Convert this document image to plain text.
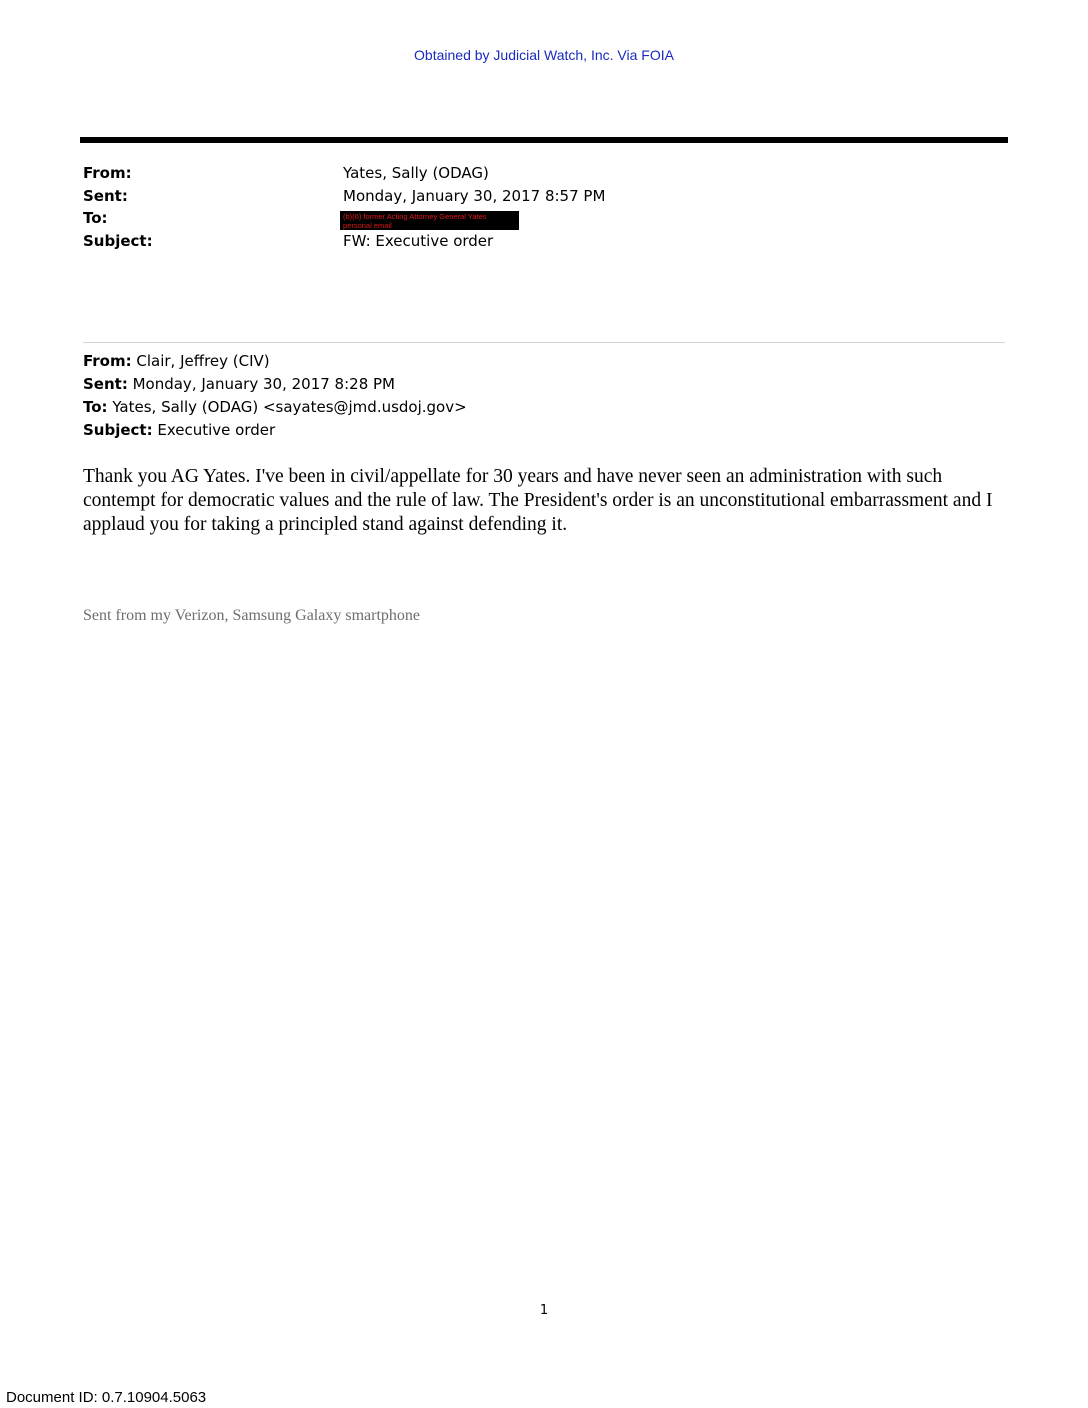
Obtained by Judicial Watch, Inc. Via FOIA
From:	Yates, Sally (ODAG)
Sent:	Monday, January 30, 2017 8:57 PM
To:	(b)(6) former Acting Attorney General Yates personal email
Subject:	FW: Executive order
From: Clair, Jeffrey (CIV)
Sent: Monday, January 30, 2017 8:28 PM
To: Yates, Sally (ODAG) <sayates@jmd.usdoj.gov>
Subject: Executive order
Thank you AG Yates. I've been in civil/appellate for 30 years and have never seen an administration with such contempt for democratic values and the rule of law. The President's order is an unconstitutional embarrassment and I applaud you for taking a principled stand against defending it.
Sent from my Verizon, Samsung Galaxy smartphone
1
Document ID: 0.7.10904.5063
